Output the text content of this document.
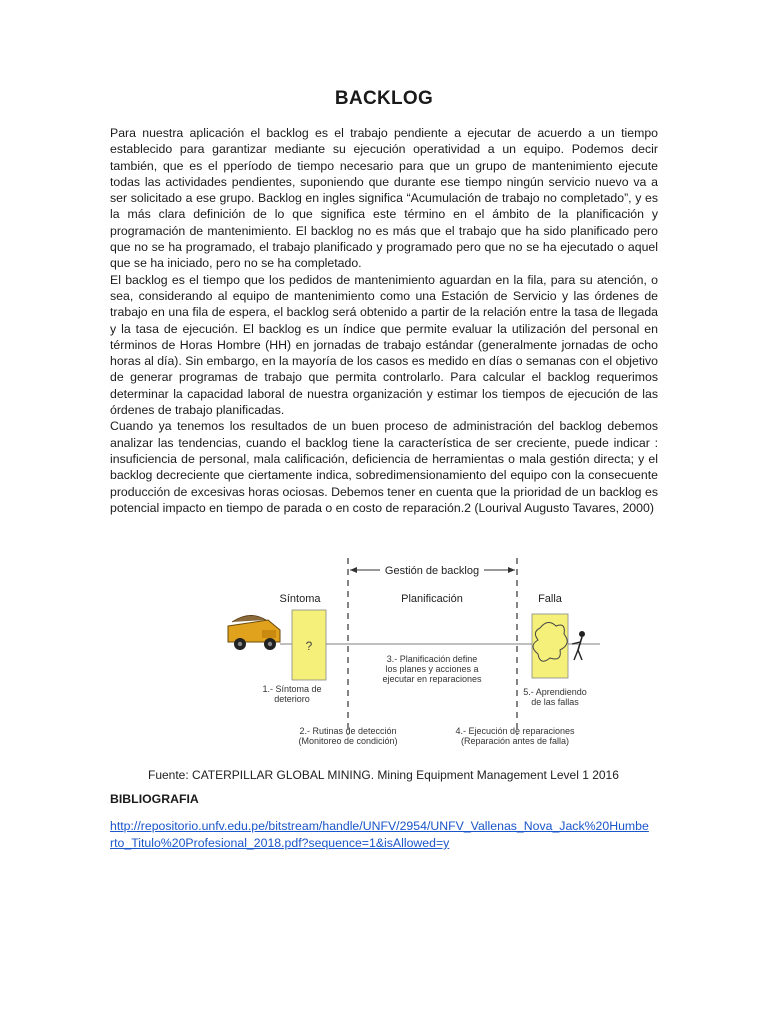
BACKLOG

Para nuestra aplicación el backlog es el trabajo pendiente a ejecutar de acuerdo a un tiempo establecido para garantizar mediante su ejecución operatividad a un equipo. Podemos decir también, que es el pperíodo de tiempo necesario para que un grupo de mantenimiento ejecute todas las actividades pendientes, suponiendo que durante ese tiempo ningún servicio nuevo va a ser solicitado a ese grupo. Backlog en ingles significa “Acumulación de trabajo no completado”, y es la más clara definición de lo que significa este término en el ámbito de la planificación y programación de mantenimiento. El backlog no es más que el trabajo que ha sido planificado pero que no se ha programado, el trabajo planificado y programado pero que no se ha ejecutado o aquel que se ha iniciado, pero no se ha completado.

El backlog es el tiempo que los pedidos de mantenimiento aguardan en la fila, para su atención, o sea, considerando al equipo de mantenimiento como una Estación de Servicio y las órdenes de trabajo en una fila de espera, el backlog será obtenido a partir de la relación entre la tasa de llegada y la tasa de ejecución. El backlog es un índice que permite evaluar la utilización del personal en términos de Horas Hombre (HH) en jornadas de trabajo estándar (generalmente jornadas de ocho horas al día). Sin embargo, en la mayoría de los casos es medido en días o semanas con el objetivo de generar programas de trabajo que permita controlarlo. Para calcular el backlog requerimos determinar la capacidad laboral de nuestra organización y estimar los tiempos de ejecución de las órdenes de trabajo planificadas.

Cuando ya tenemos los resultados de un buen proceso de administración del backlog debemos analizar las tendencias, cuando el backlog tiene la característica de ser creciente, puede indicar : insuficiencia de personal, mala calificación, deficiencia de herramientas o mala gestión directa; y el backlog decreciente que ciertamente indica, sobredimensionamiento del equipo con la consecuente producción de excesivas horas ociosas. Debemos tener en cuenta que la prioridad de un backlog es potencial impacto en tiempo de parada o en costo de reparación.2 (Lourival Augusto Tavares, 2000)

Gestión de backlog
Síntoma	Planificación	Falla
?
1.- Síntoma de
deterioro
3.- Planificación define
los planes y acciones a
ejecutar en reparaciones
5.- Aprendiendo
de las fallas
2.- Rutinas de detección
(Monitoreo de condición)
4.- Ejecución de reparaciones
(Reparación antes de falla)
Fuente: CATERPILLAR GLOBAL MINING. Mining Equipment Management Level 1 2016
BIBLIOGRAFIA
http://repositorio.unfv.edu.pe/bitstream/handle/UNFV/2954/UNFV_Vallenas_Nova_Jack%20Humberto_Titulo%20Profesional_2018.pdf?sequence=1&isAllowed=y
